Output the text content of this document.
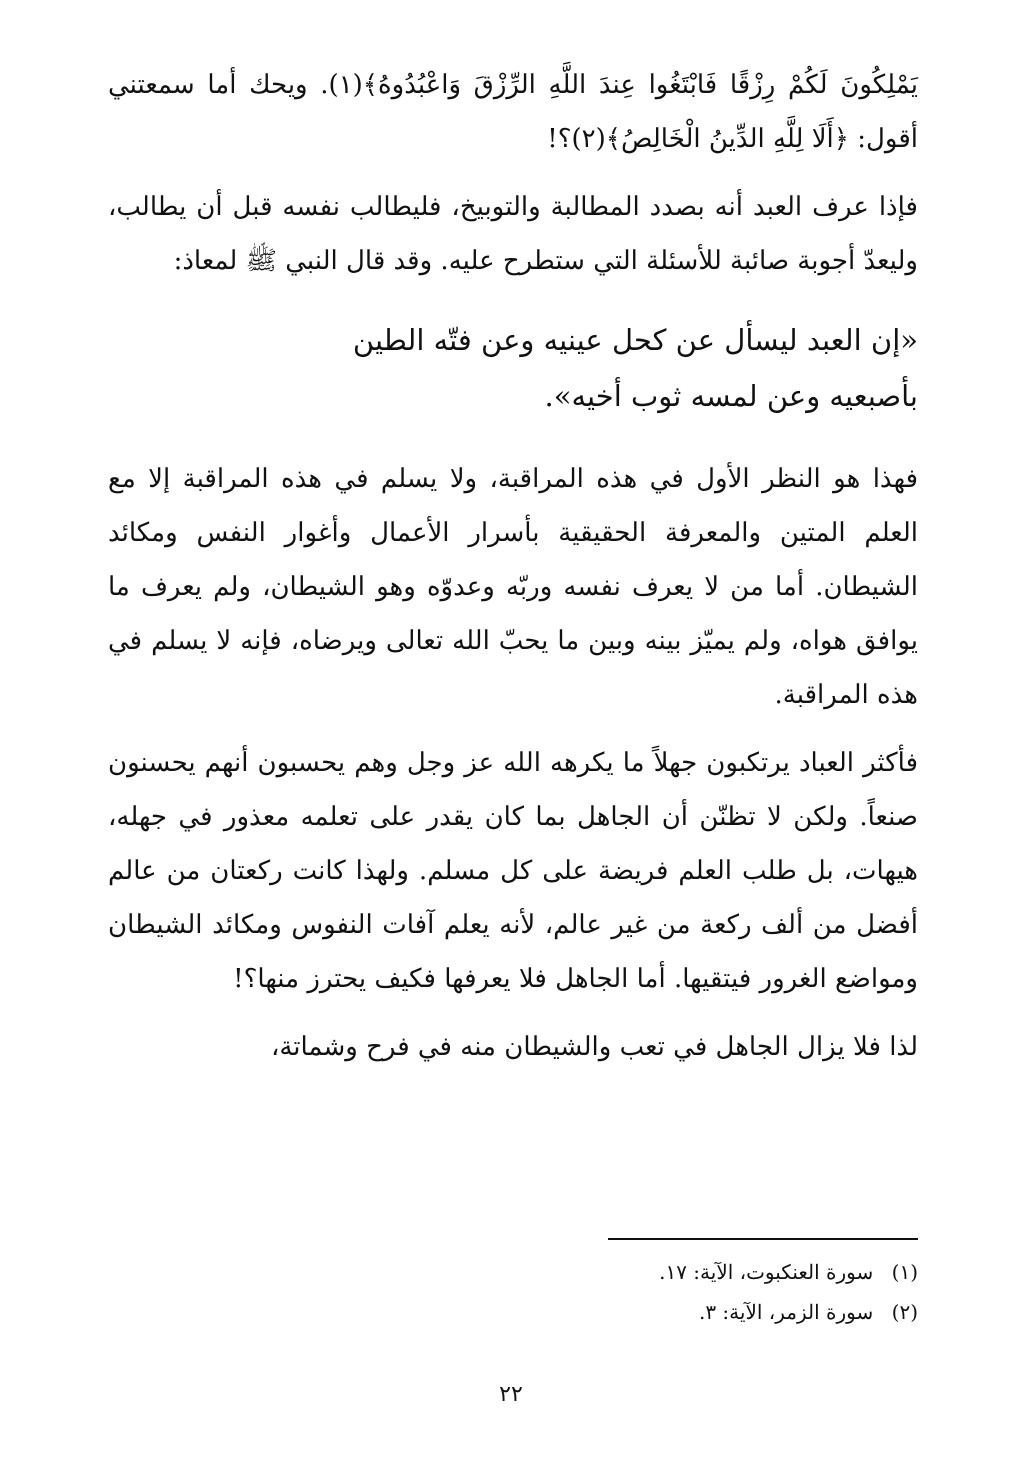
يَمْلِكُونَ لَكُمْ رِزْقًا فَابْتَغُوا عِندَ اللَّهِ الرِّزْقَ وَاعْبُدُوهُ﴾(١). ويحك أما سمعتني أقول: ﴿أَلَا لِلَّهِ الدِّينُ الْخَالِصُ﴾(٢)؟!

فإذا عرف العبد أنه بصدد المطالبة والتوبيخ، فليطالب نفسه قبل أن يطالب، وليعدّ أجوبة صائبة للأسئلة التي ستطرح عليه. وقد قال النبي ﷺ لمعاذ:

«إن العبد ليسأل عن كحل عينيه وعن فتّه الطين بأصبعيه وعن لمسه ثوب أخيه».

فهذا هو النظر الأول في هذه المراقبة، ولا يسلم في هذه المراقبة إلا مع العلم المتين والمعرفة الحقيقية بأسرار الأعمال وأغوار النفس ومكائد الشيطان. أما من لا يعرف نفسه وربّه وعدوّه وهو الشيطان، ولم يعرف ما يوافق هواه، ولم يميّز بينه وبين ما يحبّ الله تعالى ويرضاه، فإنه لا يسلم في هذه المراقبة.

فأكثر العباد يرتكبون جهلاً ما يكرهه الله عز وجل وهم يحسبون أنهم يحسنون صنعاً. ولكن لا تظنّن أن الجاهل بما كان يقدر على تعلمه معذور في جهله، هيهات، بل طلب العلم فريضة على كل مسلم. ولهذا كانت ركعتان من عالم أفضل من ألف ركعة من غير عالم، لأنه يعلم آفات النفوس ومكائد الشيطان ومواضع الغرور فيتقيها. أما الجاهل فلا يعرفها فكيف يحترز منها؟!

لذا فلا يزال الجاهل في تعب والشيطان منه في فرح وشماتة،

(١) سورة العنكبوت، الآية: ١٧.

(٢) سورة الزمر، الآية: ٣.

٢٢
